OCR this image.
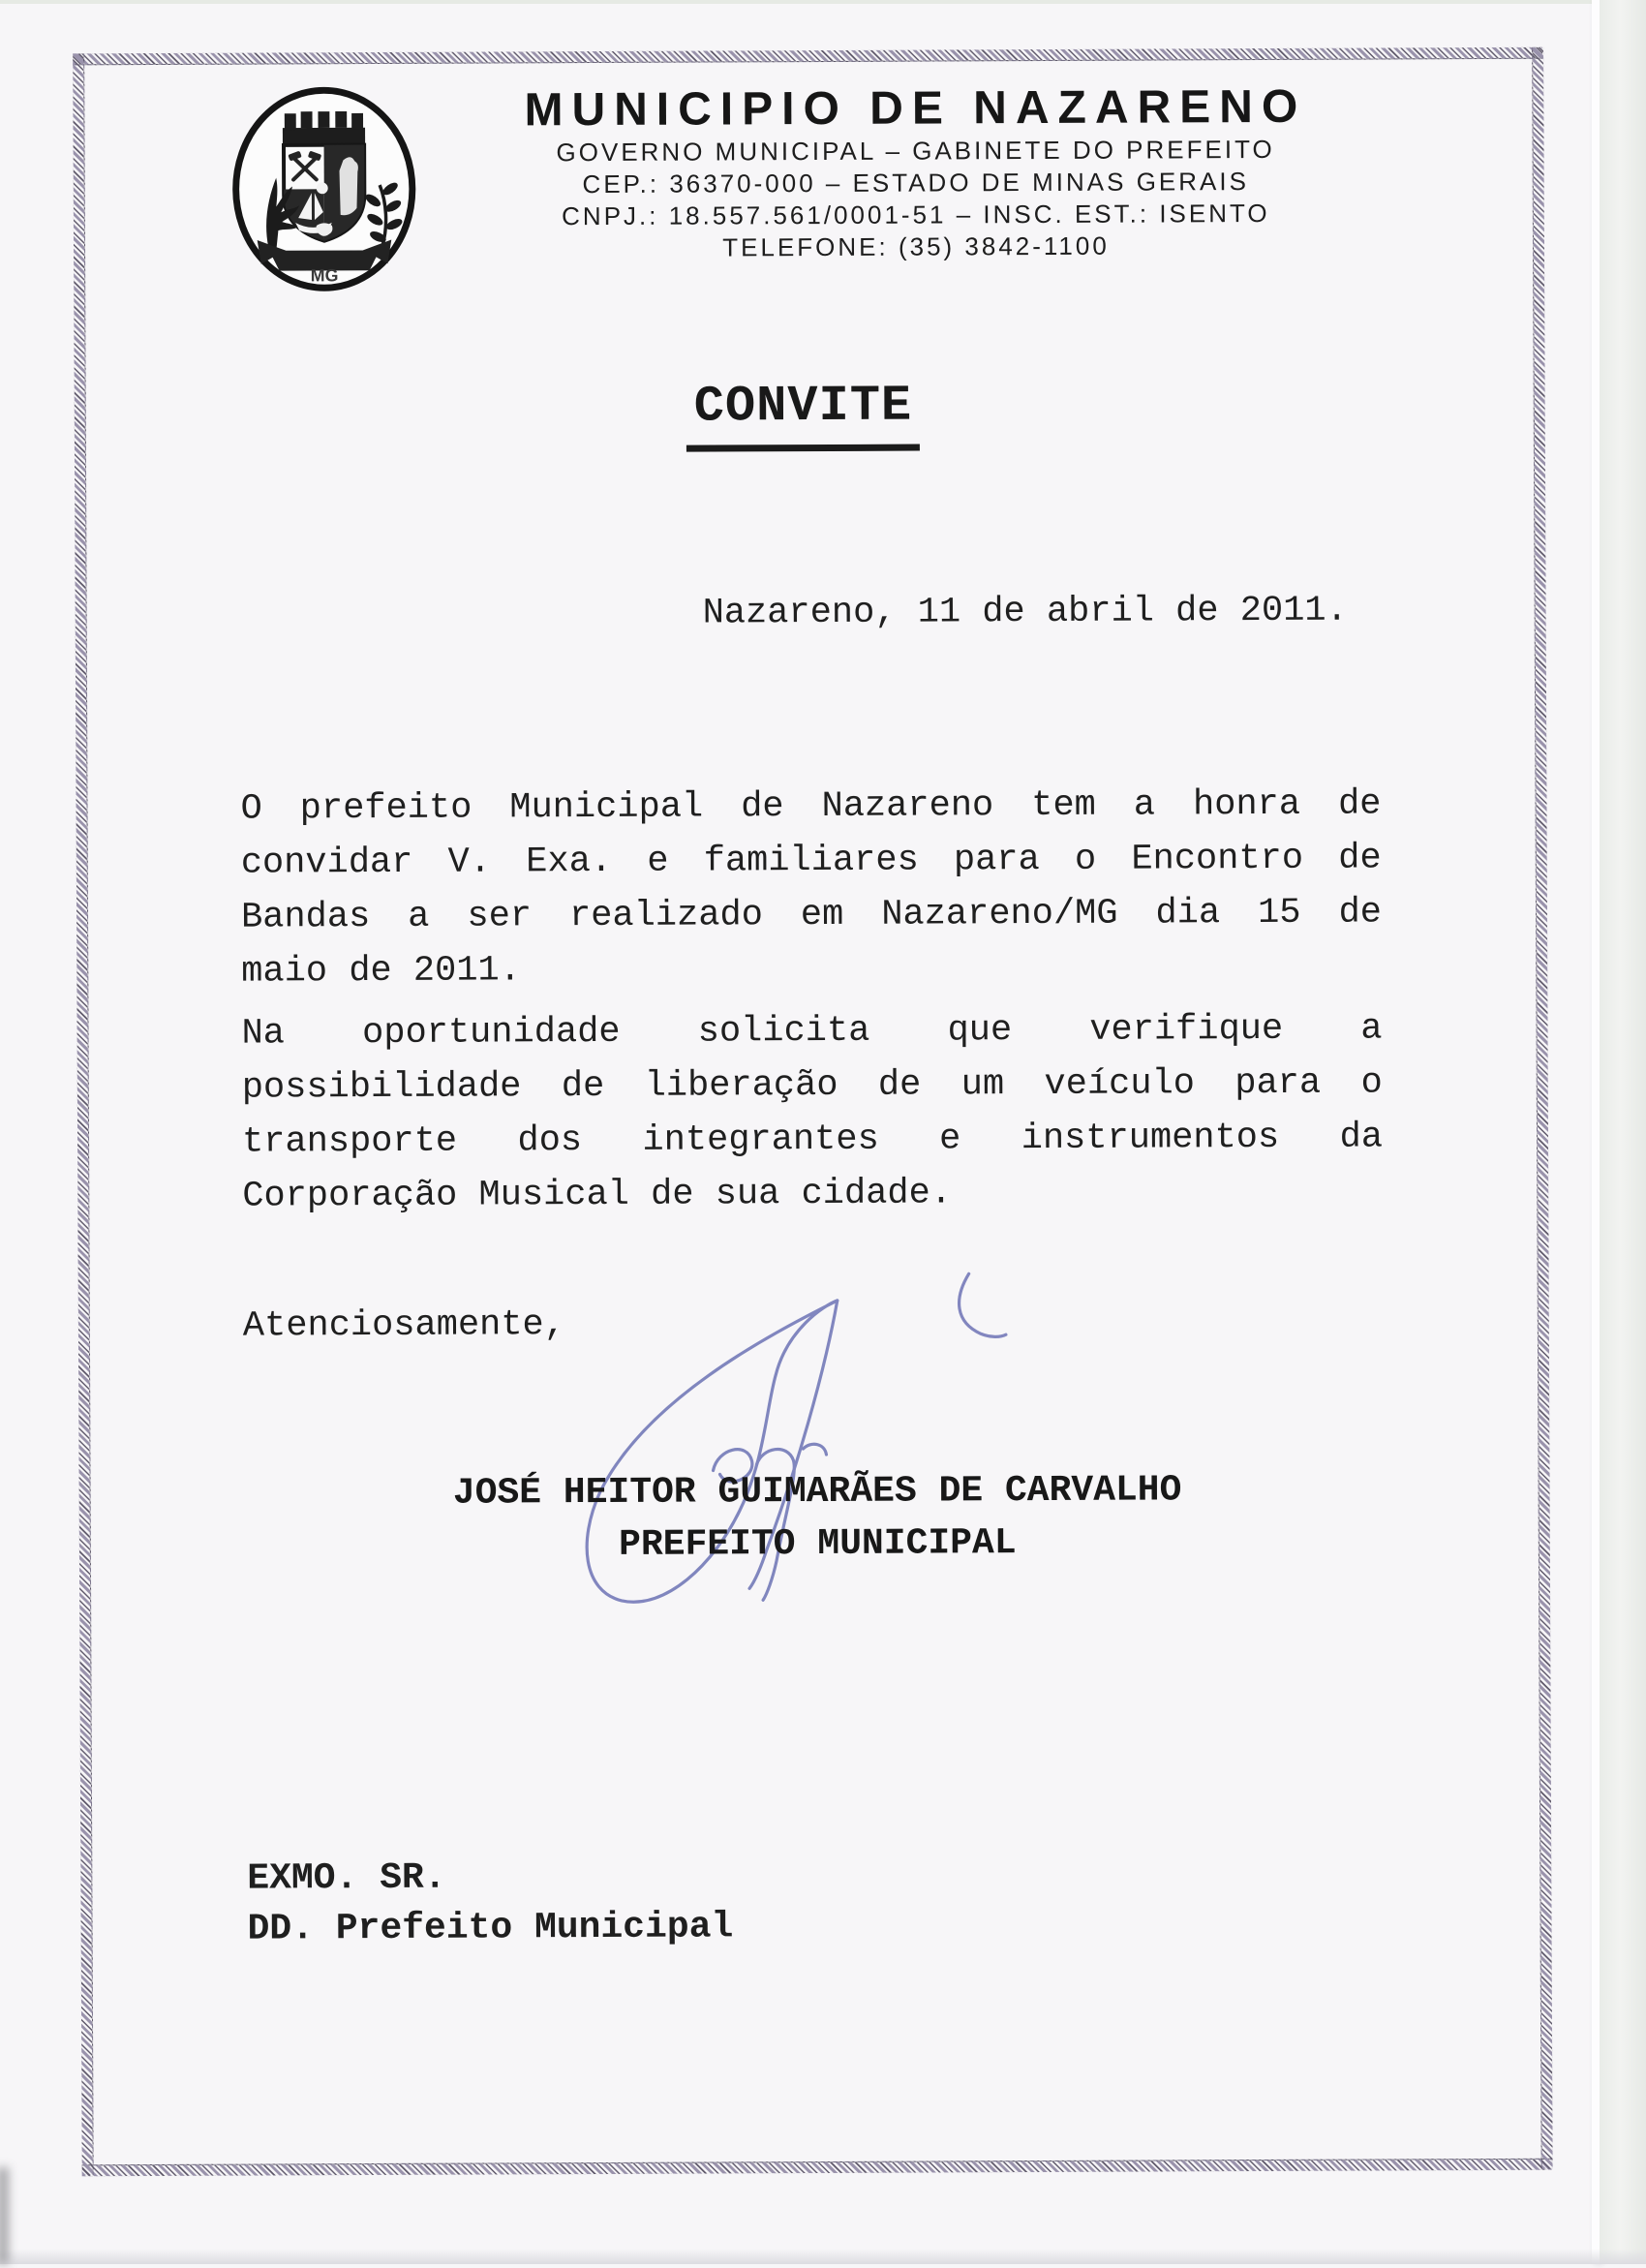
MG
MUNICIPIO DE NAZARENO
GOVERNO MUNICIPAL – GABINETE DO PREFEITO
CEP.: 36370-000 – ESTADO DE MINAS GERAIS
CNPJ.: 18.557.561/0001-51 – INSC. EST.: ISENTO
TELEFONE: (35) 3842-1100
CONVITE
Nazareno, 11 de abril de 2011.
O prefeito Municipal de Nazareno tem a honra de
convidar V. Exa. e familiares para o Encontro de
Bandas a ser realizado em Nazareno/MG dia 15 de
maio de 2011.
Na oportunidade solicita que verifique a
possibilidade de liberação de um veículo para o
transporte dos integrantes e instrumentos da
Corporação Musical de sua cidade.
Atenciosamente,
JOSÉ HEITOR GUIMARÃES DE CARVALHO
PREFEITO MUNICIPAL
EXMO. SR.
DD. Prefeito Municipal
